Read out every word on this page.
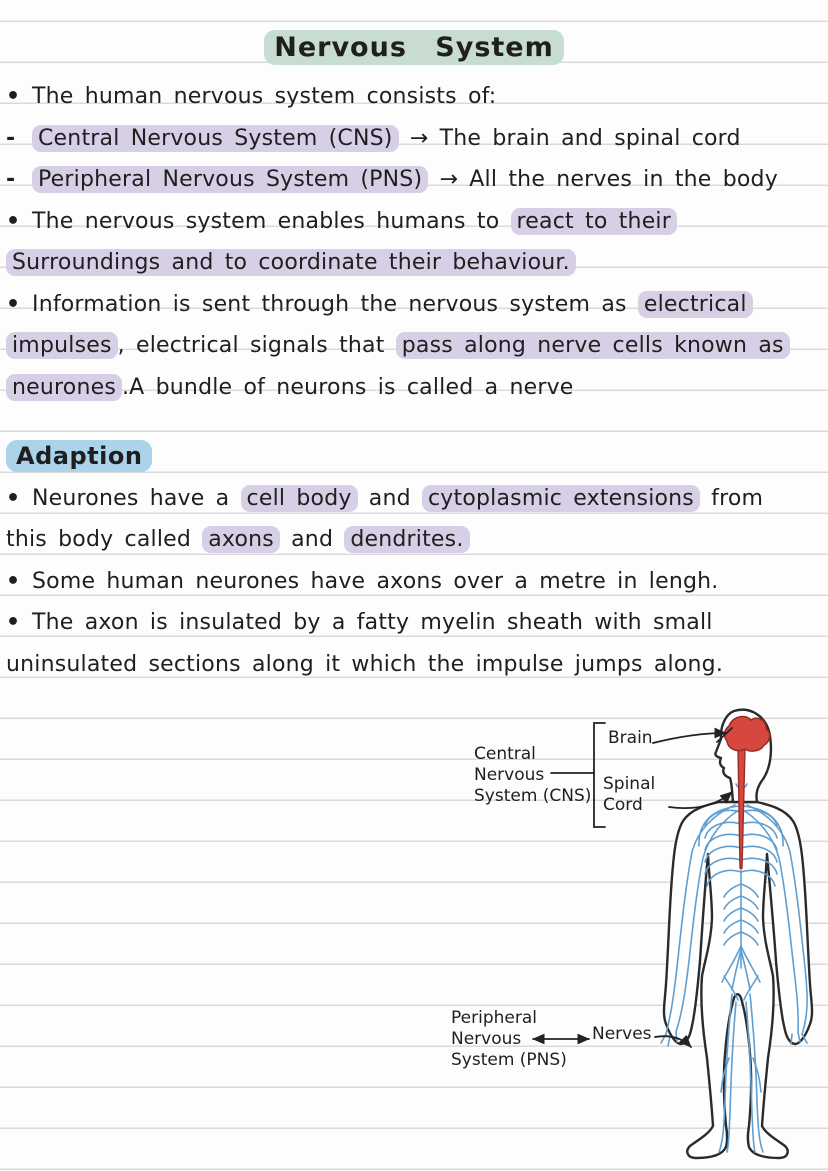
Nervous System
• The human nervous system consists of:
- Central Nervous System (CNS) → The brain and spinal cord
- Peripheral Nervous System (PNS) → All the nerves in the body
• The nervous system enables humans to react to their
Surroundings and to coordinate their behaviour.
• Information is sent through the nervous system as electrical
impulses , electrical signals that pass along nerve cells known as
neurones .A bundle of neurons is called a nerve
Adaption
• Neurones have a cell body and cytoplasmic extensions from
this body called axons and dendrites.
• Some human neurones have axons over a metre in lengh.
• The axon is insulated by a fatty myelin sheath with small
uninsulated sections along it which the impulse jumps along.
Central
Nervous
System (CNS)
Brain
Spinal
Cord
Peripheral
Nervous
System (PNS)
Nerves
